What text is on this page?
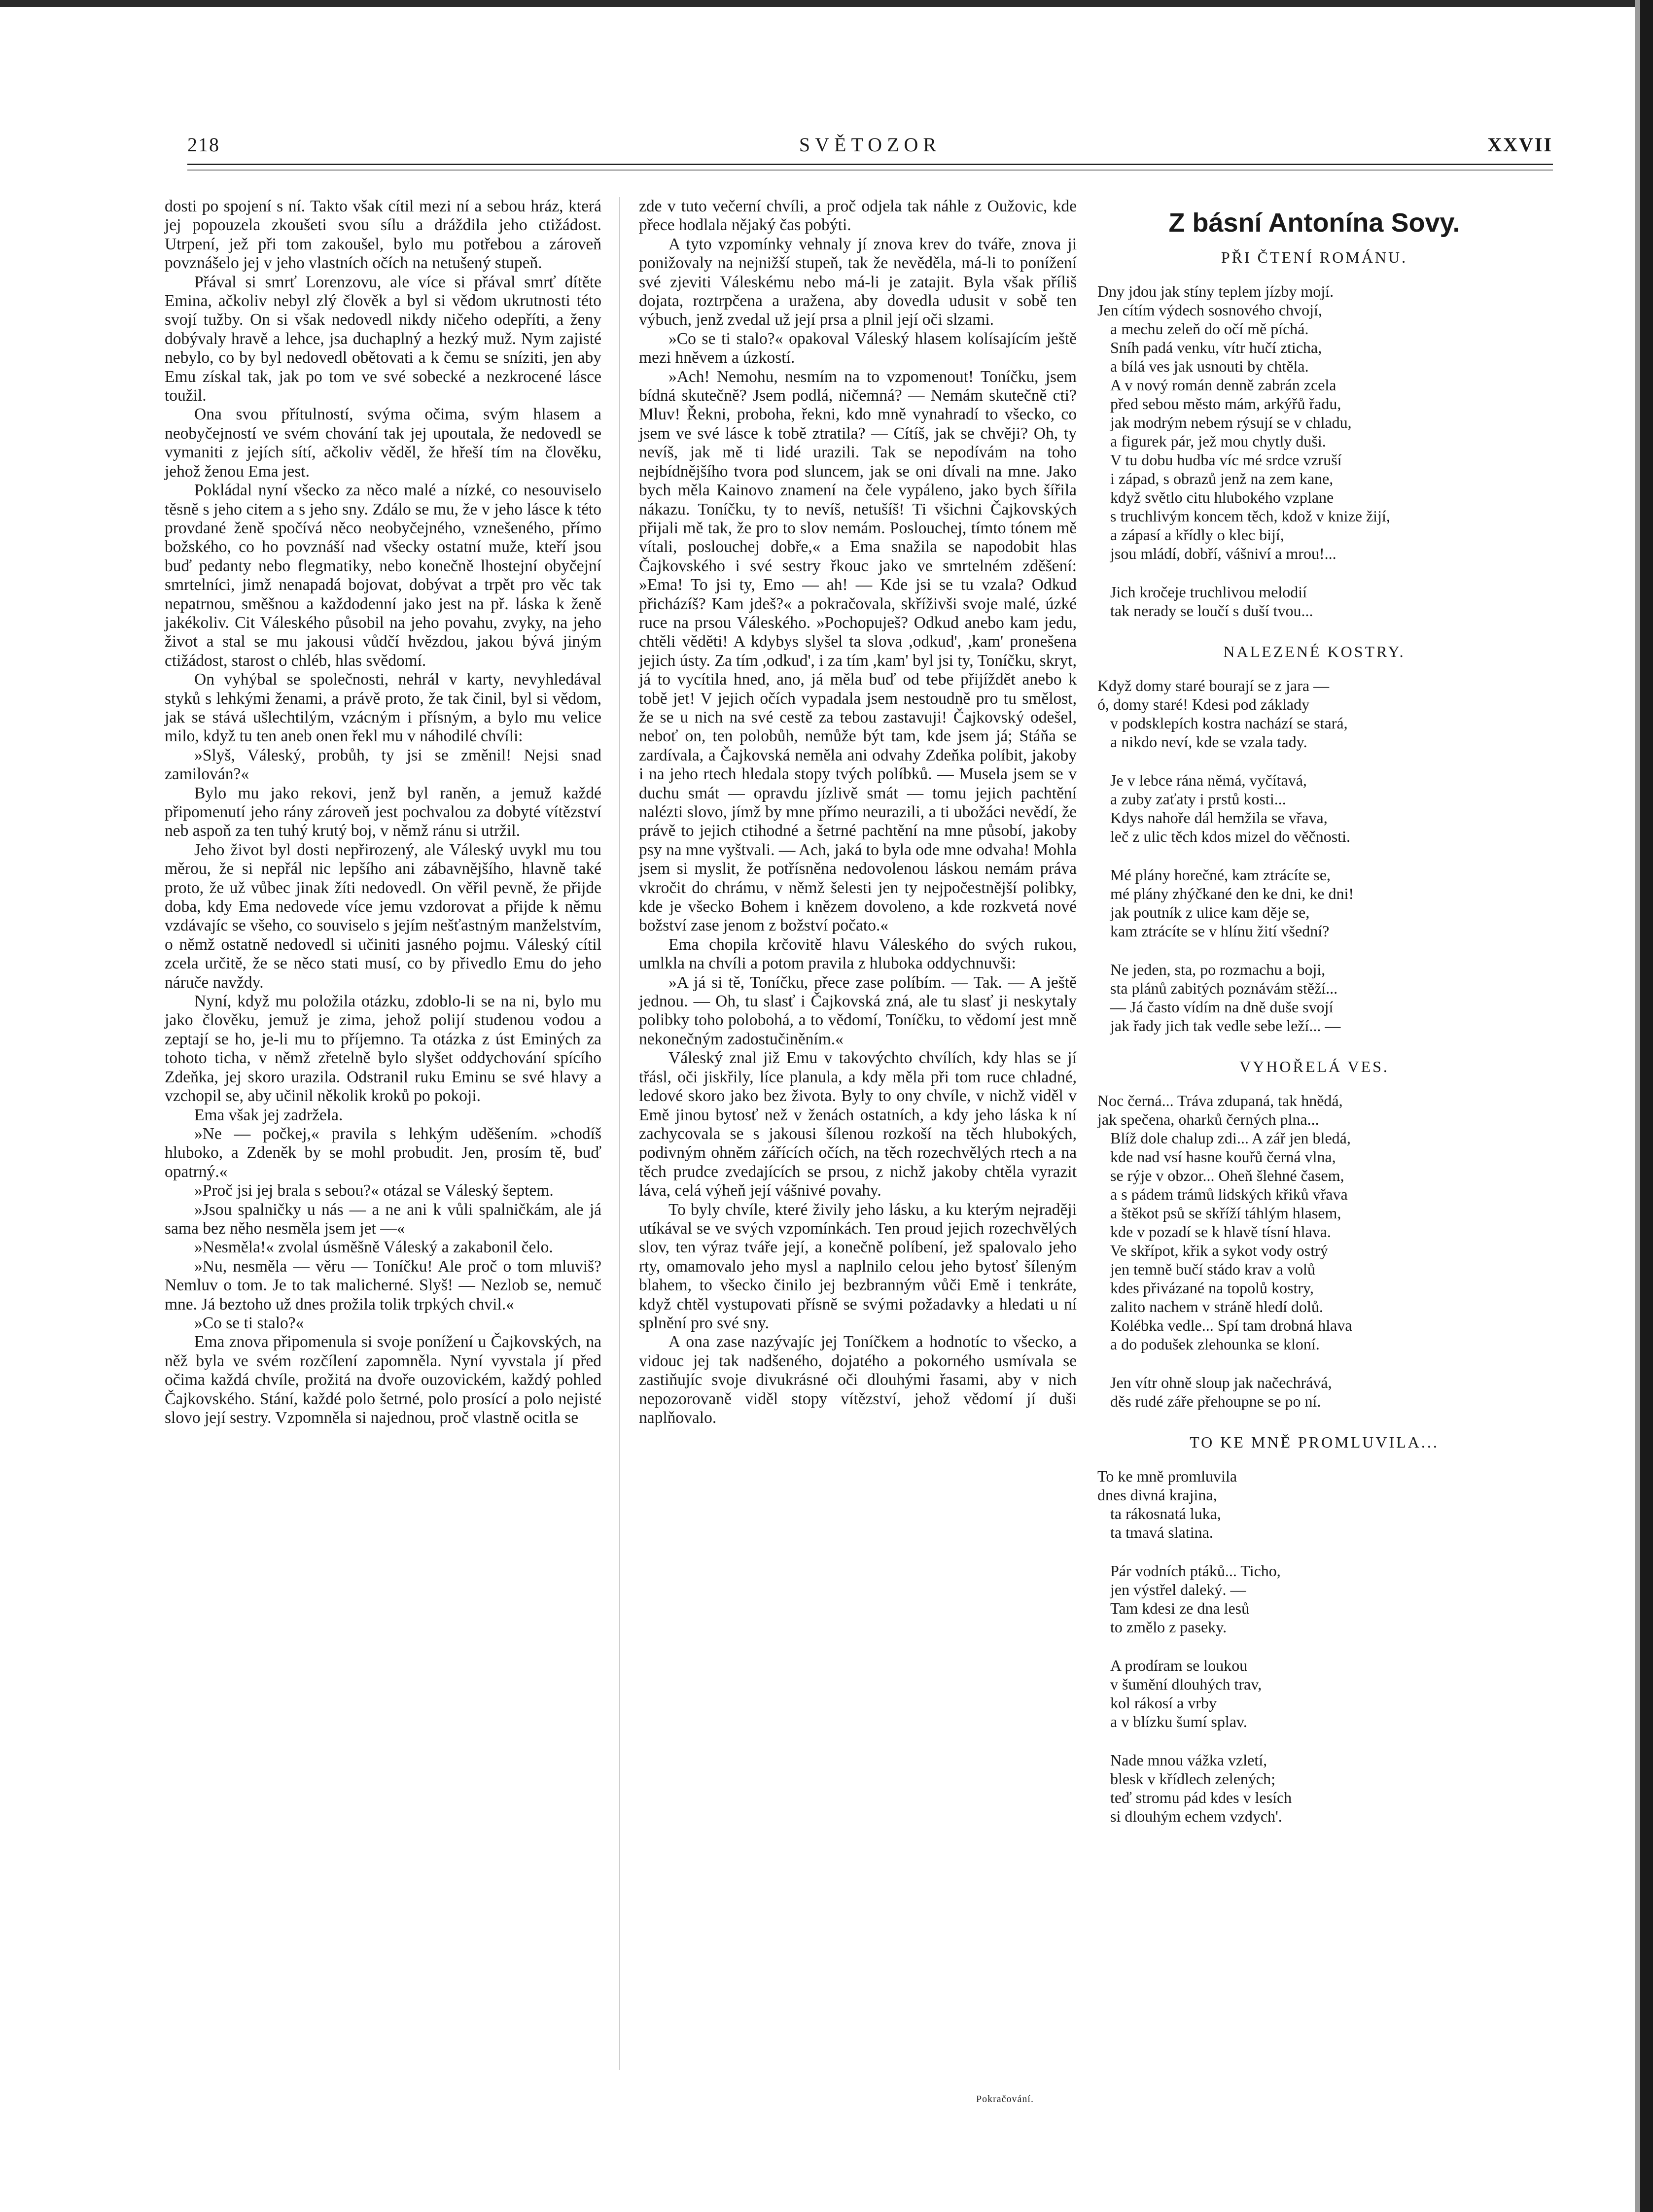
218	SVĚTOZOR	XXVII

dosti po spojení s ní. Takto však cítil mezi ní a sebou hráz, která jej popouzela zkoušeti svou sílu a dráždila jeho ctižádost. Utrpení, jež při tom zakoušel, bylo mu potřebou a zároveň povznášelo jej v jeho vlastních očích na netušený stupeň.

Přával si smrť Lorenzovu, ale více si přával smrť dítěte Emina, ačkoliv nebyl zlý člověk a byl si vědom ukrutnosti této svojí tužby. On si však nedovedl nikdy ničeho odepříti, a ženy dobývaly hravě a lehce, jsa duchaplný a hezký muž. Nym zajisté nebylo, co by byl nedovedl obětovati a k čemu se sníziti, jen aby Emu získal tak, jak po tom ve své sobecké a nezkrocené lásce toužil.

Ona svou přítulností, svýma očima, svým hlasem a neobyčejností ve svém chování tak jej upoutala, že nedovedl se vymaniti z jejích sítí, ačkoliv věděl, že hřeší tím na člověku, jehož ženou Ema jest.

Pokládal nyní všecko za něco malé a nízké, co nesouviselo těsně s jeho citem a s jeho sny. Zdálo se mu, že v jeho lásce k této provdané ženě spočívá něco neobyčejného, vznešeného, přímo božského, co ho povznáší nad všecky ostatní muže, kteří jsou buď pedanty nebo flegmatiky, nebo konečně lhostejní obyčejní smrtelníci, jimž nenapadá bojovat, dobývat a trpět pro věc tak nepatrnou, směšnou a každodenní jako jest na př. láska k ženě jakékoliv. Cit Váleského působil na jeho povahu, zvyky, na jeho život a stal se mu jakousi vůdčí hvězdou, jakou bývá jiným ctižádost, starost o chléb, hlas svědomí.

On vyhýbal se společnosti, nehrál v karty, nevyhledával styků s lehkými ženami, a právě proto, že tak činil, byl si vědom, jak se stává ušlechtilým, vzácným i přísným, a bylo mu velice milo, když tu ten aneb onen řekl mu v náhodilé chvíli:

»Slyš, Váleský, probůh, ty jsi se změnil! Nejsi snad zamilován?«

Bylo mu jako rekovi, jenž byl raněn, a jemuž každé připomenutí jeho rány zároveň jest pochvalou za dobyté vítězství neb aspoň za ten tuhý krutý boj, v němž ránu si utržil.

Jeho život byl dosti nepřirozený, ale Váleský uvykl mu tou měrou, že si nepřál nic lepšího ani zábavnějšího, hlavně také proto, že už vůbec jinak žíti nedovedl. On věřil pevně, že přijde doba, kdy Ema nedovede více jemu vzdorovat a přijde k němu vzdávajíc se všeho, co souviselo s jejím nešťastným manželstvím, o němž ostatně nedovedl si učiniti jasného pojmu. Váleský cítil zcela určitě, že se něco stati musí, co by přivedlo Emu do jeho náruče navždy.

Nyní, když mu položila otázku, zdoblo-li se na ni, bylo mu jako člověku, jemuž je zima, jehož polijí studenou vodou a zeptají se ho, je-li mu to příjemno. Ta otázka z úst Eminých za tohoto ticha, v němž zřetelně bylo slyšet oddychování spícího Zdeňka, jej skoro urazila. Odstranil ruku Eminu se své hlavy a vzchopil se, aby učinil několik kroků po pokoji.

Ema však jej zadržela.

»Ne — počkej,« pravila s lehkým uděšením. »chodíš hluboko, a Zdeněk by se mohl probudit. Jen, prosím tě, buď opatrný.«

»Proč jsi jej brala s sebou?« otázal se Váleský šeptem.

»Jsou spalničky u nás — a ne ani k vůli spalničkám, ale já sama bez něho nesměla jsem jet —«

»Nesměla!« zvolal úsměšně Váleský a zakabonil čelo.

»Nu, nesměla — věru — Toníčku! Ale proč o tom mluviš? Nemluv o tom. Je to tak malicherné. Slyš! — Nezlob se, nemuč mne. Já beztoho už dnes prožila tolik trpkých chvil.«

»Co se ti stalo?«

Ema znova připomenula si svoje ponížení u Čajkovských, na něž byla ve svém rozčílení zapomněla. Nyní vyvstala jí před očima každá chvíle, prožitá na dvoře ouzovickém, každý pohled Čajkovského. Stání, každé polo šetrné, polo prosící a polo nejisté slovo její sestry. Vzpomněla si najednou, proč vlastně ocitla se

zde v tuto večerní chvíli, a proč odjela tak náhle z Oužovic, kde přece hodlala nějaký čas pobýti.

A tyto vzpomínky vehnaly jí znova krev do tváře, znova ji ponižovaly na nejnižší stupeň, tak že nevěděla, má-li to ponížení své zjeviti Váleskému nebo má-li je zatajit. Byla však příliš dojata, roztrpčena a uražena, aby dovedla udusit v sobě ten výbuch, jenž zvedal už její prsa a plnil její oči slzami.

»Co se ti stalo?« opakoval Váleský hlasem kolísajícím ještě mezi hněvem a úzkostí.

»Ach! Nemohu, nesmím na to vzpomenout! Toníčku, jsem bídná skutečně? Jsem podlá, ničemná? — Nemám skutečně cti? Mluv! Řekni, proboha, řekni, kdo mně vynahradí to všecko, co jsem ve své lásce k tobě ztratila? — Cítíš, jak se chvěji? Oh, ty nevíš, jak mě ti lidé urazili. Tak se nepodívám na toho nejbídnějšího tvora pod sluncem, jak se oni dívali na mne. Jako bych měla Kainovo znamení na čele vypáleno, jako bych šířila nákazu. Toníčku, ty to nevíš, netušíš! Ti všichni Čajkovských přijali mě tak, že pro to slov nemám. Poslouchej, tímto tónem mě vítali, poslouchej dobře,« a Ema snažila se napodobit hlas Čajkovského i své sestry řkouc jako ve smrtelném zděšení: »Ema! To jsi ty, Emo — ah! — Kde jsi se tu vzala? Odkud přicházíš? Kam jdeš?« a pokračovala, skříživši svoje malé, úzké ruce na prsou Váleského. »Pochopuješ? Odkud anebo kam jedu, chtěli věděti! A kdybys slyšel ta slova ,odkud', ,kam' pronešena jejich ústy. Za tím ,odkud', i za tím ,kam' byl jsi ty, Toníčku, skryt, já to vycítila hned, ano, já měla buď od tebe přijíždět anebo k tobě jet! V jejich očích vypadala jsem nestoudně pro tu smělost, že se u nich na své cestě za tebou zastavuji! Čajkovský odešel, neboť on, ten polobůh, nemůže být tam, kde jsem já; Stáňa se zardívala, a Čajkovská neměla ani odvahy Zdeňka políbit, jakoby i na jeho rtech hledala stopy tvých políbků. — Musela jsem se v duchu smát — opravdu jízlivě smát — tomu jejich pachtění nalézti slovo, jímž by mne přímo neurazili, a ti ubožáci nevědí, že právě to jejich ctihodné a šetrné pachtění na mne působí, jakoby psy na mne vyštvali. — Ach, jaká to byla ode mne odvaha! Mohla jsem si myslit, že potřísněna nedovolenou láskou nemám práva vkročit do chrámu, v němž šelesti jen ty nejpočestnější polibky, kde je všecko Bohem i knězem dovoleno, a kde rozkvetá nové božství zase jenom z božství počato.«

Ema chopila krčovitě hlavu Váleského do svých rukou, umlkla na chvíli a potom pravila z hluboka oddychnuvši:

»A já si tě, Toníčku, přece zase políbím. — Tak. — A ještě jednou. — Oh, tu slasť i Čajkovská zná, ale tu slasť ji neskytaly polibky toho polobohá, a to vědomí, Toníčku, to vědomí jest mně nekonečným zadostučiněním.«

Váleský znal již Emu v takovýchto chvílích, kdy hlas se jí třásl, oči jiskřily, líce planula, a kdy měla při tom ruce chladné, ledové skoro jako bez života. Byly to ony chvíle, v nichž viděl v Emě jinou bytosť než v ženách ostatních, a kdy jeho láska k ní zachycovala se s jakousi šílenou rozkoší na těch hlubokých, podivným ohněm zářících očích, na těch rozechvělých rtech a na těch prudce zvedajících se prsou, z nichž jakoby chtěla vyrazit láva, celá výheň její vášnivé povahy.

To byly chvíle, které živily jeho lásku, a ku kterým nejraději utíkával se ve svých vzpomínkách. Ten proud jejich rozechvělých slov, ten výraz tváře její, a konečně políbení, jež spalovalo jeho rty, omamovalo jeho mysl a naplnilo celou jeho bytosť šíleným blahem, to všecko činilo jej bezbranným vůči Emě i tenkráte, když chtěl vystupovati přísně se svými požadavky a hledati u ní splnění pro své sny.

A ona zase nazývajíc jej Toníčkem a hodnotíc to všecko, a vidouc jej tak nadšeného, dojatého a pokorného usmívala se zastiňujíc svoje divukrásné oči dlouhými řasami, aby v nich nepozorovaně viděl stopy vítězství, jehož vědomí jí duši naplňovalo.

Pokračování.
Z básní Antonína Sovy.
PŘI ČTENÍ ROMÁNU.
Dny jdou jak stíny teplem jízby mojí.
Jen cítím výdech sosnového chvojí,
a mechu zeleň do očí mě píchá.
Sníh padá venku, vítr hučí zticha,
a bílá ves jak usnouti by chtěla.
A v nový román denně zabrán zcela
před sebou město mám, arkýřů řadu,
jak modrým nebem rýsují se v chladu,
a figurek pár, jež mou chytly duši.
V tu dobu hudba víc mé srdce vzruší
i západ, s obrazů jenž na zem kane,
když světlo citu hlubokého vzplane
s truchlivým koncem těch, kdož v knize žijí,
a zápasí a křídly o klec bijí,
jsou mládí, dobří, vášniví a mrou!...
Jich kročeje truchlivou melodií
tak nerady se loučí s duší tvou...
NALEZENÉ KOSTRY.
Když domy staré bourají se z jara —
ó, domy staré! Kdesi pod základy
v podsklepích kostra nachází se stará,
a nikdo neví, kde se vzala tady.
Je v lebce rána němá, vyčítavá,
a zuby zaťaty i prstů kosti...
Kdys nahoře dál hemžila se vřava,
leč z ulic těch kdos mizel do věčnosti.
Mé plány horečné, kam ztrácíte se,
mé plány zhýčkané den ke dni, ke dni!
jak poutník z ulice kam děje se,
kam ztrácíte se v hlínu žití všední?
Ne jeden, sta, po rozmachu a boji,
sta plánů zabitých poznávám stěží...
— Já často vídím na dně duše svojí
jak řady jich tak vedle sebe leží... —
VYHOŘELÁ VES.
Noc černá... Tráva zdupaná, tak hnědá,
jak spečena, oharků černých plna...
Blíž dole chalup zdi... A zář jen bledá,
kde nad vsí hasne kouřů černá vlna,
se rýje v obzor... Oheň šlehné časem,
a s pádem trámů lidských křiků vřava
a štěkot psů se skříží táhlým hlasem,
kde v pozadí se k hlavě tísní hlava.
Ve skřípot, křik a sykot vody ostrý
jen temně bučí stádo krav a volů
kdes přivázané na topolů kostry,
zalito nachem v stráně hledí dolů.
Kolébka vedle... Spí tam drobná hlava
a do podušek zlehounka se kloní.
Jen vítr ohně sloup jak načechrává,
děs rudé záře přehoupne se po ní.
TO KE MNĚ PROMLUVILA...
To ke mně promluvila
dnes divná krajina,
ta rákosnatá luka,
ta tmavá slatina.
Pár vodních ptáků... Ticho,
jen výstřel daleký. —
Tam kdesi ze dna lesů
to změlo z paseky.
A prodíram se loukou
v šumění dlouhých trav,
kol rákosí a vrby
a v blízku šumí splav.
Nade mnou vážka vzletí,
blesk v křídlech zelených;
teď stromu pád kdes v lesích
si dlouhým echem vzdych'.
